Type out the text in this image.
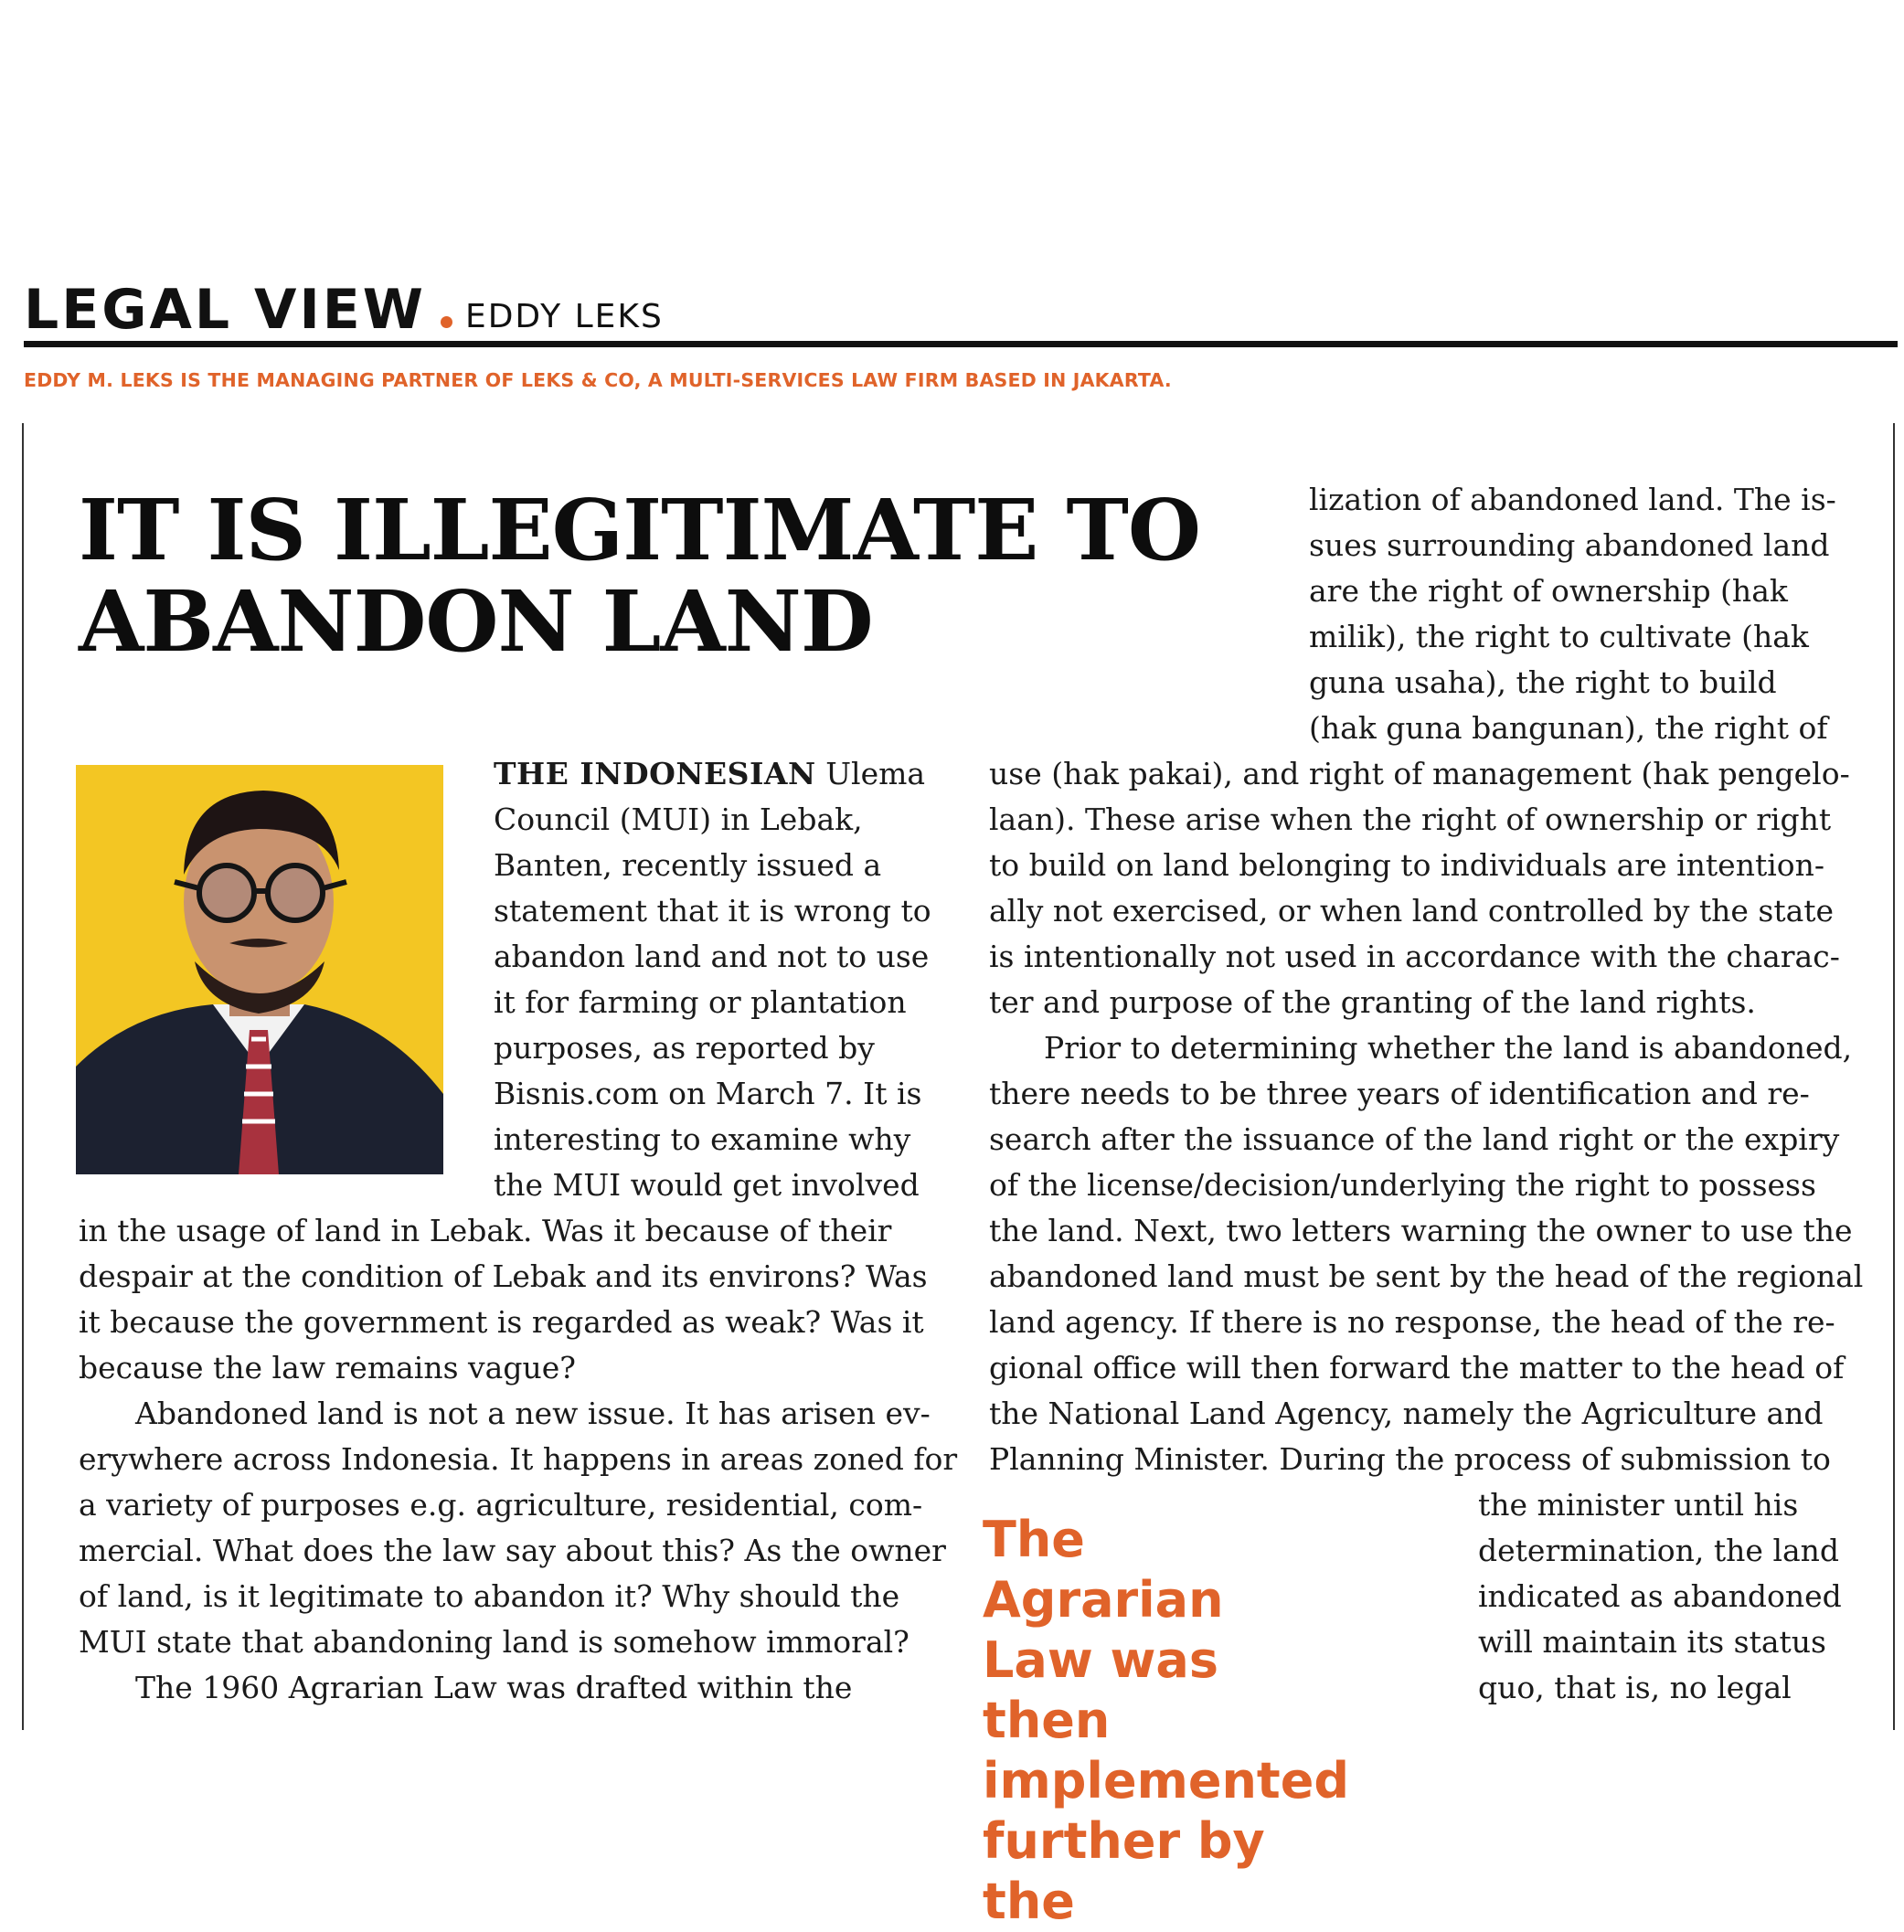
LEGAL VIEW EDDY LEKS
EDDY M. LEKS IS THE MANAGING PARTNER OF LEKS & CO, A MULTI-SERVICES LAW FIRM BASED IN JAKARTA.
IT IS ILLEGITIMATE TO
ABANDON LAND

THE INDONESIAN Ulema

Council (MUI) in Lebak,

Banten, recently issued a

statement that it is wrong to

abandon land and not to use

it for farming or plantation

purposes, as reported by

Bisnis.com on March 7. It is

interesting to examine why

the MUI would get involved

in the usage of land in Lebak. Was it because of their

despair at the condition of Lebak and its environs? Was

it because the government is regarded as weak? Was it

because the law remains vague?

Abandoned land is not a new issue. It has arisen ev-

erywhere across Indonesia. It happens in areas zoned for

a variety of purposes e.g. agriculture, residential, com-

mercial. What does the law say about this? As the owner

of land, is it legitimate to abandon it? Why should the

MUI state that abandoning land is somehow immoral?

The 1960 Agrarian Law was drafted within the

lization of abandoned land. The is-

sues surrounding abandoned land

are the right of ownership (hak

milik), the right to cultivate (hak

guna usaha), the right to build

(hak guna bangunan), the right of

use (hak pakai), and right of management (hak pengelo-

laan). These arise when the right of ownership or right

to build on land belonging to individuals are intention-

ally not exercised, or when land controlled by the state

is intentionally not used in accordance with the charac-

ter and purpose of the granting of the land rights.

Prior to determining whether the land is abandoned,

there needs to be three years of identification and re-

search after the issuance of the land right or the expiry

of the license/decision/underlying the right to possess

the land. Next, two letters warning the owner to use the

abandoned land must be sent by the head of the regional

land agency. If there is no response, the head of the re-

gional office will then forward the matter to the head of

the National Land Agency, namely the Agriculture and

Planning Minister. During the process of submission to

The Agrarian
Law was then
implemented
further by the

the minister until his

determination, the land

indicated as abandoned

will maintain its status

quo, that is, no legal
